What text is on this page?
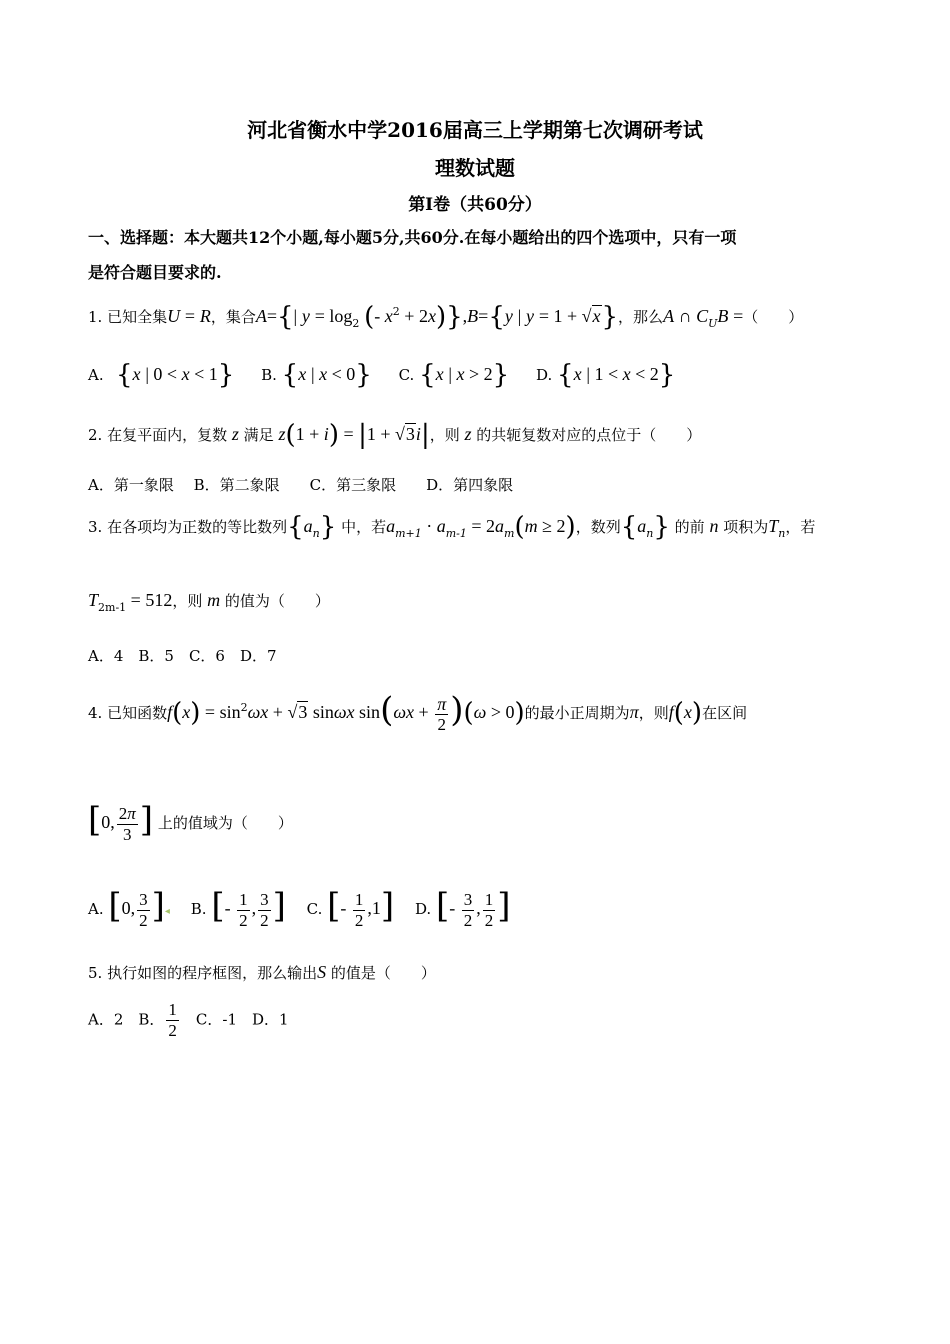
河北省衡水中学2016届高三上学期第七次调研考试
理数试题
第Ⅰ卷（共60分）
一、选择题：本大题共12个小题,每小题5分,共60分.在每小题给出的四个选项中，只有一项
是符合题目要求的.
1. 已知全集U = R，集合A={| $y = \log_2$ (- $x^2 + 2x)\},B=\{y$ | y = 1 + √x}，那么A ∩ $C_UB$ =（　　）
A. {x | 0 < x < 1} B. {x | x < 0} C. {x | x > 2} D. {x | 1 < x < 2}
2. 在复平面内，复数 z 满足 z(1 + i) = |1 + √3i|，则 z 的共轭复数对应的点位于（　　）
A．第一象限　 B．第二象限　　C．第三象限　　D．第四象限
3. 在各项均为正数的等比数列$\{a_n\}$ 中，若$a_{m+1} \cdot a_{m-1} = 2a_m(m \ge 2)$，数列$\{a_n\}$ 的前 n 项积为$T_n$，若
$T_{2m-1} = 512$，则 m 的值为（　　）
A．4　B．5　C．6　D．7
4. 已知函数$f(x) = \sin^2\omega x + √3$ sinωx $\sin(\omega x + \frac{\pi}{2} )(\omega > 0)$的最小正周期为π，则f(x)在区间
[0, $\frac{2\pi}{3}$ ] 上的值域为（　　）
A. [0, $\frac{3}{2}$ ]◂ B. [- $\frac{1}{2}$ , $\frac{3}{2}$ ] C. [- $\frac{1}{2} ,1$] D. [- $\frac{3}{2}$ , $\frac{1}{2}$ ]
5. 执行如图的程序框图，那么输出S 的值是（　　）
A．2　B． $\frac{1}{2}$
　 C．-1　D．1
